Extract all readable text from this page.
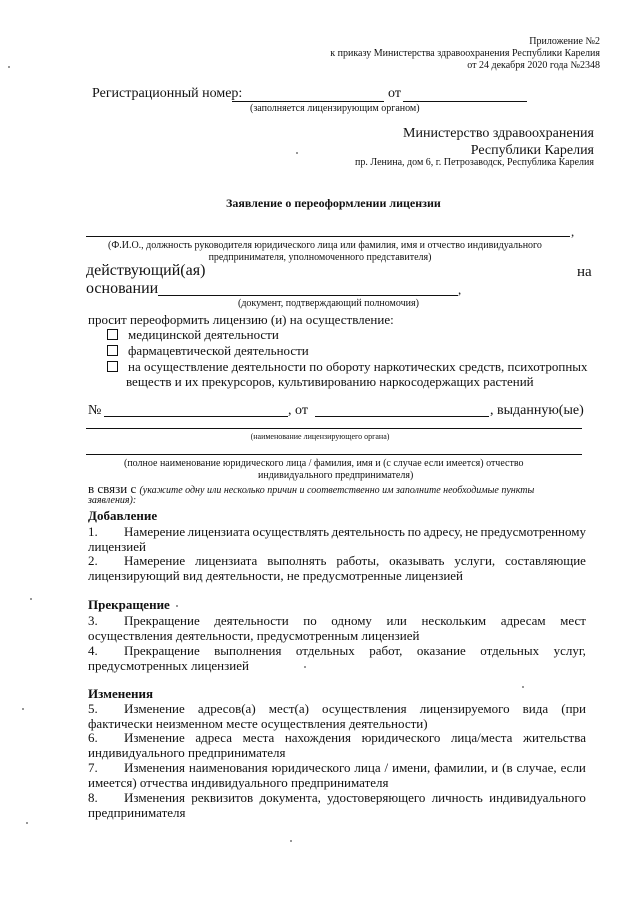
Приложение №2
к приказу Министерства здравоохранения Республики Карелия
от 24 декабря 2020 года №2348
Регистрационный номер:	от
(заполняется лицензирующим органом)
Министерство здравоохранения
Республики Карелия
пр. Ленина, дом 6, г. Петрозаводск, Республика Карелия
Заявление о переоформлении лицензии
,
(Ф.И.О., должность руководителя юридического лица или фамилия, имя и отчество индивидуального
предпринимателя, уполномоченного представителя)
действующий(ая)	на
основании	,
(документ, подтверждающий полномочия)
просит переоформить лицензию (и) на осуществление:
медицинской деятельности
фармацевтической деятельности
на осуществление деятельности по обороту наркотических средств, психотропных
веществ и их прекурсоров, культивированию наркосодержащих растений
№	, от	, выданную(ые)
(наименование лицензирующего органа)
(полное наименование юридического лица / фамилия, имя и (с случае если имеется) отчество
индивидуального предпринимателя)
в связи с (укажите одну или несколько причин и соответственно им заполните необходимые пункты
заявления):
Добавление
1. Намерение лицензиата осуществлять деятельность по адресу, не предусмотренному
лицензией
2. Намерение лицензиата выполнять работы, оказывать услуги, составляющие
лицензирующий вид деятельности, не предусмотренные лицензией
Прекращение
3. Прекращение деятельности по одному или нескольким адресам мест
осуществления деятельности, предусмотренным лицензией
4. Прекращение выполнения отдельных работ, оказание отдельных услуг,
предусмотренных лицензией
Изменения
5. Изменение адресов(а) мест(а) осуществления лицензируемого вида (при
фактически неизменном месте осуществления деятельности)
6. Изменение адреса места нахождения юридического лица/места жительства
индивидуального предпринимателя
7. Изменения наименования юридического лица / имени, фамилии, и (в случае, если
имеется) отчества индивидуального предпринимателя
8. Изменения реквизитов документа, удостоверяющего личность индивидуального
предпринимателя
